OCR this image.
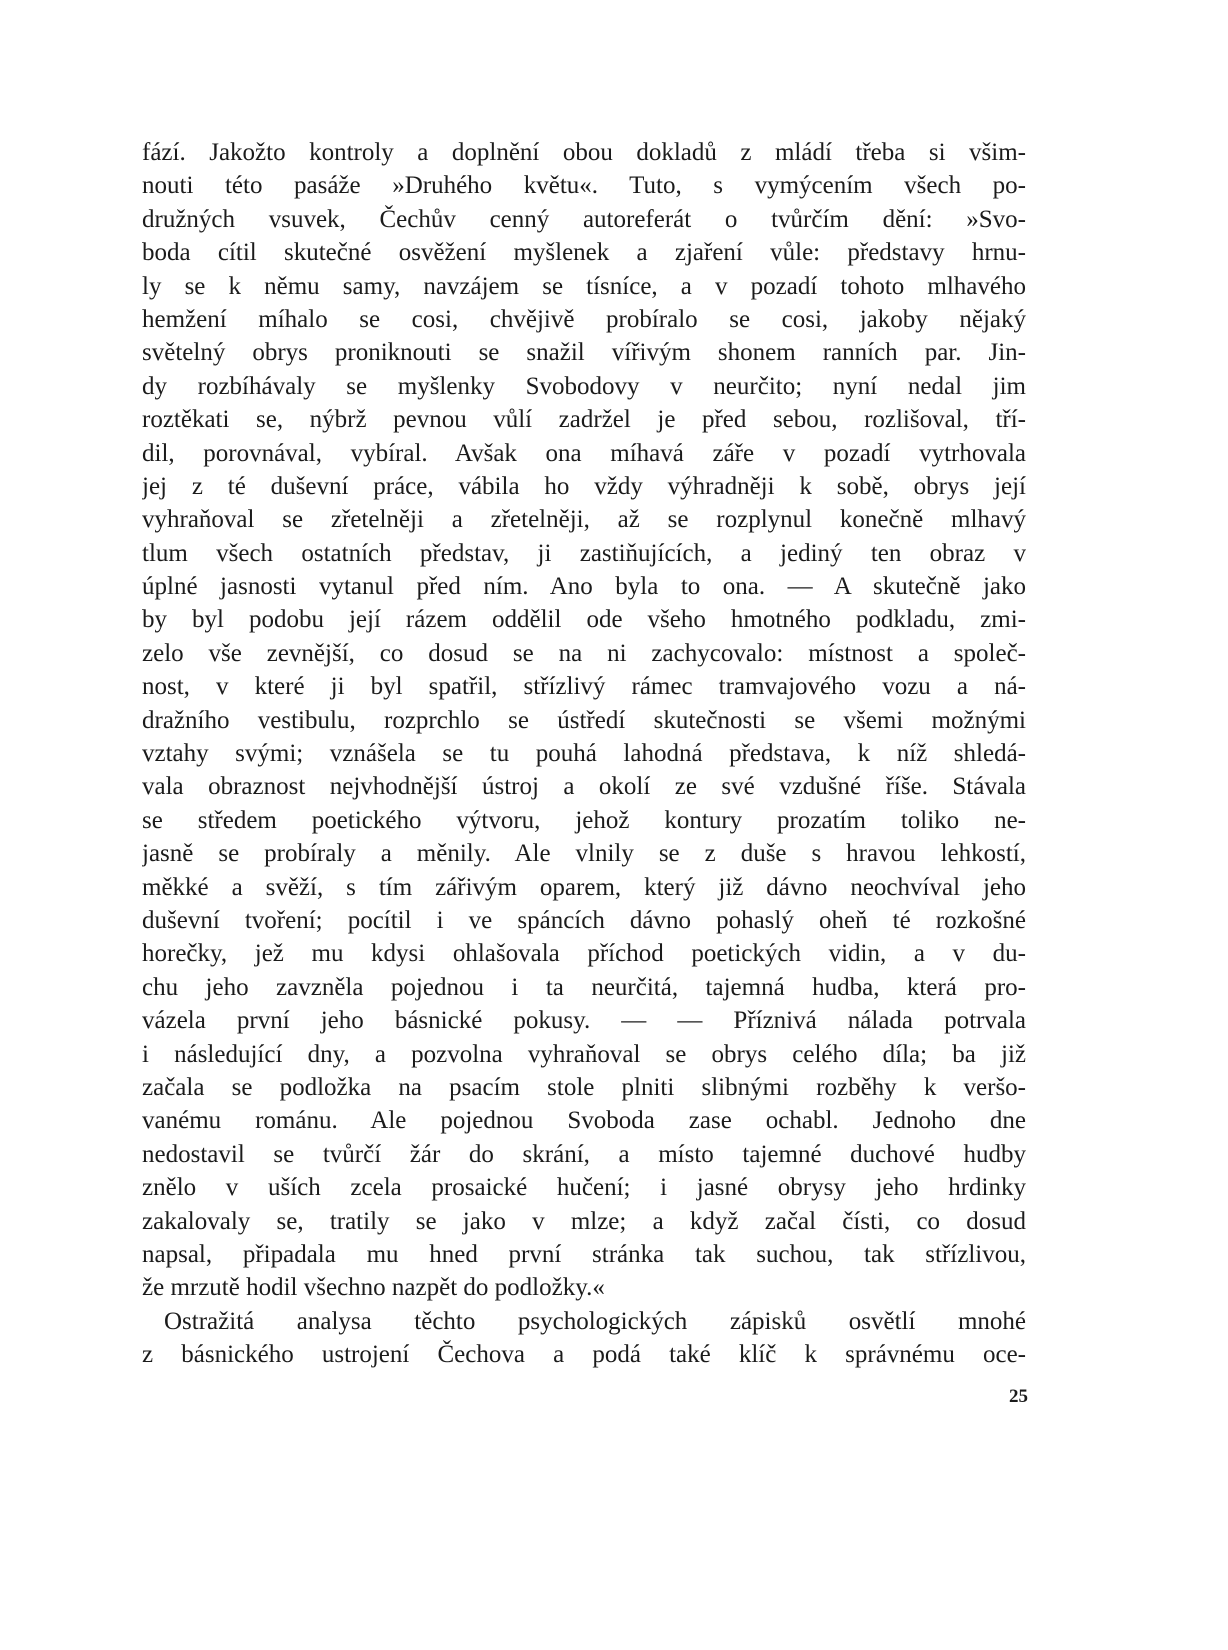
fází. Jakožto kontroly a doplnění obou dokladů z mládí třeba si všim-
nouti této pasáže »Druhého květu«. Tuto, s vymýcením všech po-
družných vsuvek, Čechův cenný autoreferát o tvůrčím dění: »Svo-
boda cítil skutečné osvěžení myšlenek a zjaření vůle: představy hrnu-
ly se k němu samy, navzájem se tísníce, a v pozadí tohoto mlhavého
hemžení míhalo se cosi, chvějivě probíralo se cosi, jakoby nějaký
světelný obrys proniknouti se snažil vířivým shonem ranních par. Jin-
dy rozbíhávaly se myšlenky Svobodovy v neurčito; nyní nedal jim
roztěkati se, nýbrž pevnou vůlí zadržel je před sebou, rozlišoval, tří-
dil, porovnával, vybíral. Avšak ona míhavá záře v pozadí vytrhovala
jej z té duševní práce, vábila ho vždy výhradněji k sobě, obrys její
vyhraňoval se zřetelněji a zřetelněji, až se rozplynul konečně mlhavý
tlum všech ostatních představ, ji zastiňujících, a jediný ten obraz v
úplné jasnosti vytanul před ním. Ano byla to ona. — A skutečně jako
by byl podobu její rázem oddělil ode všeho hmotného podkladu, zmi-
zelo vše zevnější, co dosud se na ni zachycovalo: místnost a společ-
nost, v které ji byl spatřil, střízlivý rámec tramvajového vozu a ná-
dražního vestibulu, rozprchlo se ústředí skutečnosti se všemi možnými
vztahy svými; vznášela se tu pouhá lahodná představa, k níž shledá-
vala obraznost nejvhodnější ústroj a okolí ze své vzdušné říše. Stávala
se středem poetického výtvoru, jehož kontury prozatím toliko ne-
jasně se probíraly a měnily. Ale vlnily se z duše s hravou lehkostí,
měkké a svěží, s tím zářivým oparem, který již dávno neochvíval jeho
duševní tvoření; pocítil i ve spáncích dávno pohaslý oheň té rozkošné
horečky, jež mu kdysi ohlašovala příchod poetických vidin, a v du-
chu jeho zavzněla pojednou i ta neurčitá, tajemná hudba, která pro-
vázela první jeho básnické pokusy. — — Příznivá nálada potrvala
i následující dny, a pozvolna vyhraňoval se obrys celého díla; ba již
začala se podložka na psacím stole plniti slibnými rozběhy k veršo-
vanému románu. Ale pojednou Svoboda zase ochabl. Jednoho dne
nedostavil se tvůrčí žár do skrání, a místo tajemné duchové hudby
znělo v uších zcela prosaické hučení; i jasné obrysy jeho hrdinky
zakalovaly se, tratily se jako v mlze; a když začal čísti, co dosud
napsal, připadala mu hned první stránka tak suchou, tak střízlivou,
že mrzutě hodil všechno nazpět do podložky.«
Ostražitá analysa těchto psychologických zápisků osvětlí mnohé
z básnického ustrojení Čechova a podá také klíč k správnému oce-
25
